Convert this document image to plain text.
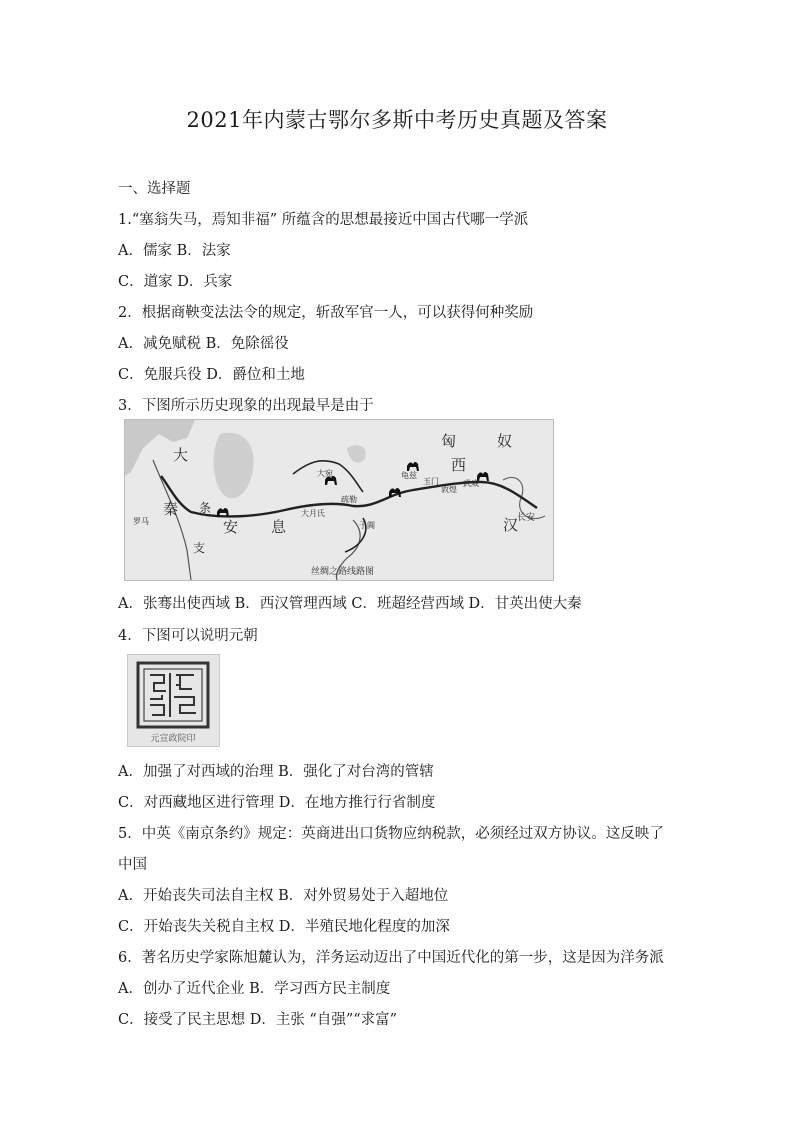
2021年内蒙古鄂尔多斯中考历史真题及答案
一、选择题
1.“塞翁失马，焉知非福” 所蕴含的思想最接近中国古代哪一学派
A．儒家 B．法家
C．道家 D．兵家
2．根据商鞅变法法令的规定，斩敌军官一人，可以获得何种奖励
A．减免赋税 B．免除徭役
C．免服兵役 D．爵位和土地
3．下图所示历史现象的出现最早是由于
大
秦
安 息
条
支
匈	奴
西
汉
长安
大宛
大月氏
疏勒
于阗
龟兹
敦煌
武威
玉门
罗马
丝绸之路线路图
A．张骞出使西域 B．西汉管理西域 C．班超经营西域 D．甘英出使大秦
4．下图可以说明元朝
元宣政院印
A．加强了对西域的治理 B．强化了对台湾的管辖
C．对西藏地区进行管理 D．在地方推行行省制度
5．中英《南京条约》规定：英商进出口货物应纳税款，必须经过双方协议。这反映了
中国
A．开始丧失司法自主权 B．对外贸易处于入超地位
C．开始丧失关税自主权 D．半殖民地化程度的加深
6．著名历史学家陈旭麓认为，洋务运动迈出了中国近代化的第一步，这是因为洋务派
A．创办了近代企业 B．学习西方民主制度
C．接受了民主思想 D．主张 “自强”“求富”
